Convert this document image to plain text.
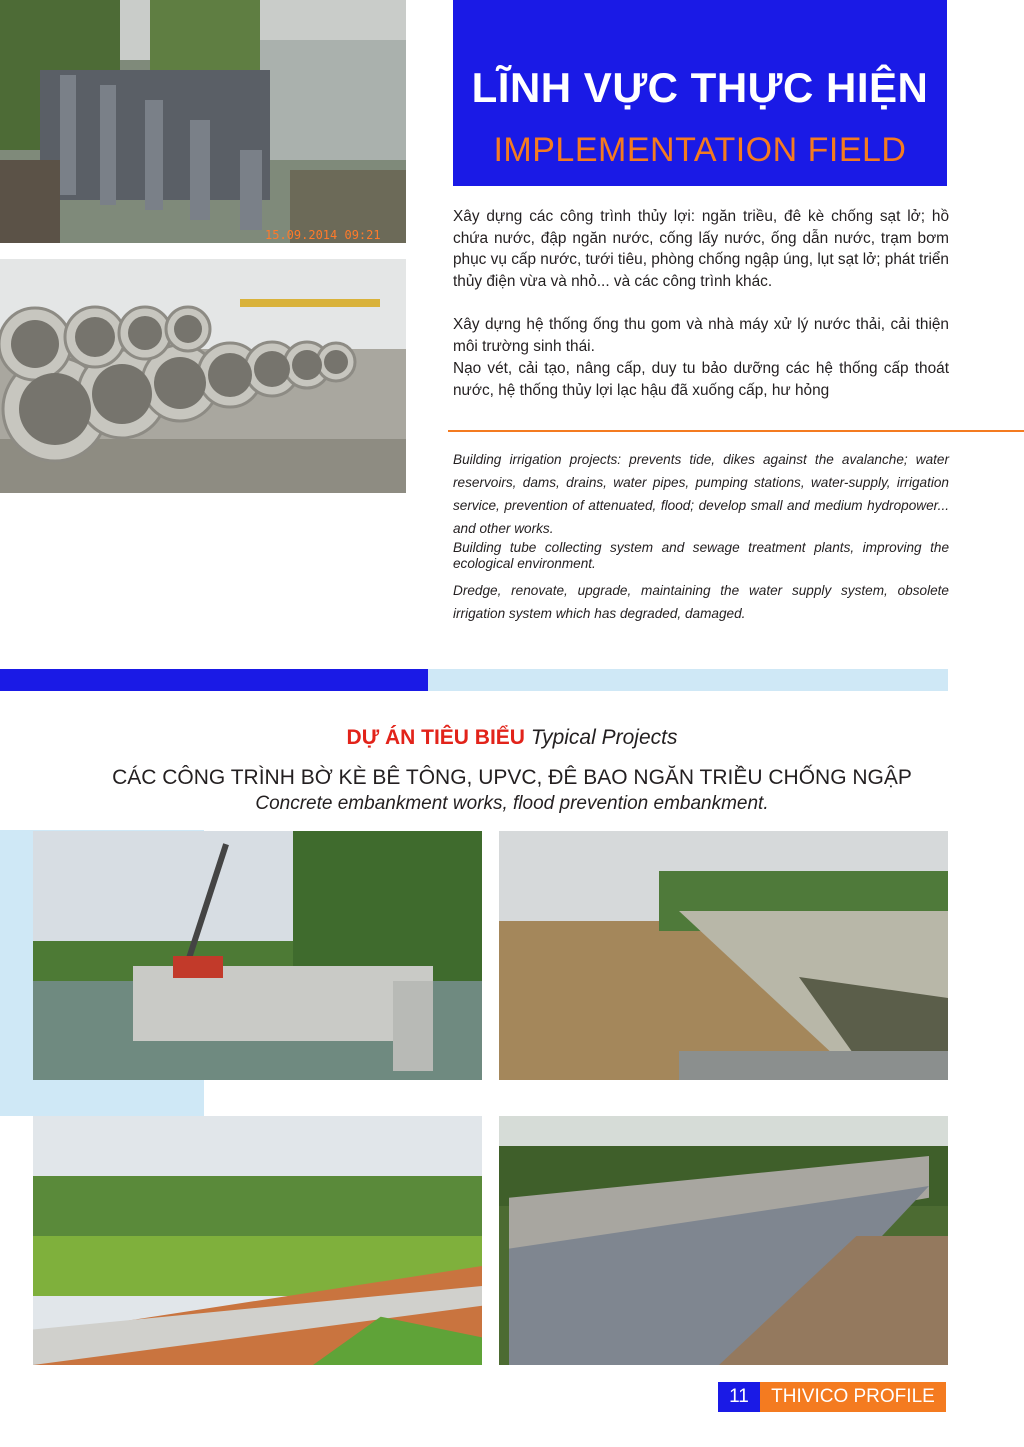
15.09.2014 09:21
LĨNH VỰC THỰC HIỆN
IMPLEMENTATION FIELD
Xây dựng các công trình thủy lợi: ngăn triều, đê kè chống sạt lở; hồ chứa nước, đập ngăn nước, cống lấy nước, ống dẫn nước, trạm bơm phục vụ cấp nước, tưới tiêu, phòng chống ngập úng, lụt sạt lở; phát triển thủy điện vừa và nhỏ... và các công trình khác.
Xây dựng hệ thống ống thu gom và nhà máy xử lý nước thải, cải thiện môi trường sinh thái.
Nạo vét, cải tạo, nâng cấp, duy tu bảo dưỡng các hệ thống cấp thoát nước, hệ thống thủy lợi lạc hậu đã xuống cấp, hư hỏng
Building irrigation projects: prevents tide, dikes against the avalanche; water reservoirs, dams, drains, water pipes, pumping stations, water-supply, irrigation service, prevention of attenuated, flood; develop small and medium hydropower... and other works.
Building tube collecting system and sewage treatment plants, improving the ecological environment.
Dredge, renovate, upgrade, maintaining the water supply system, obsolete irrigation system which has degraded, damaged.
DỰ ÁN TIÊU BIỂU Typical Projects
CÁC CÔNG TRÌNH BỜ KÈ BÊ TÔNG, UPVC, ĐÊ BAO NGĂN TRIỀU CHỐNG NGẬP
Concrete embankment works, flood prevention embankment.
11	THIVICO PROFILE
